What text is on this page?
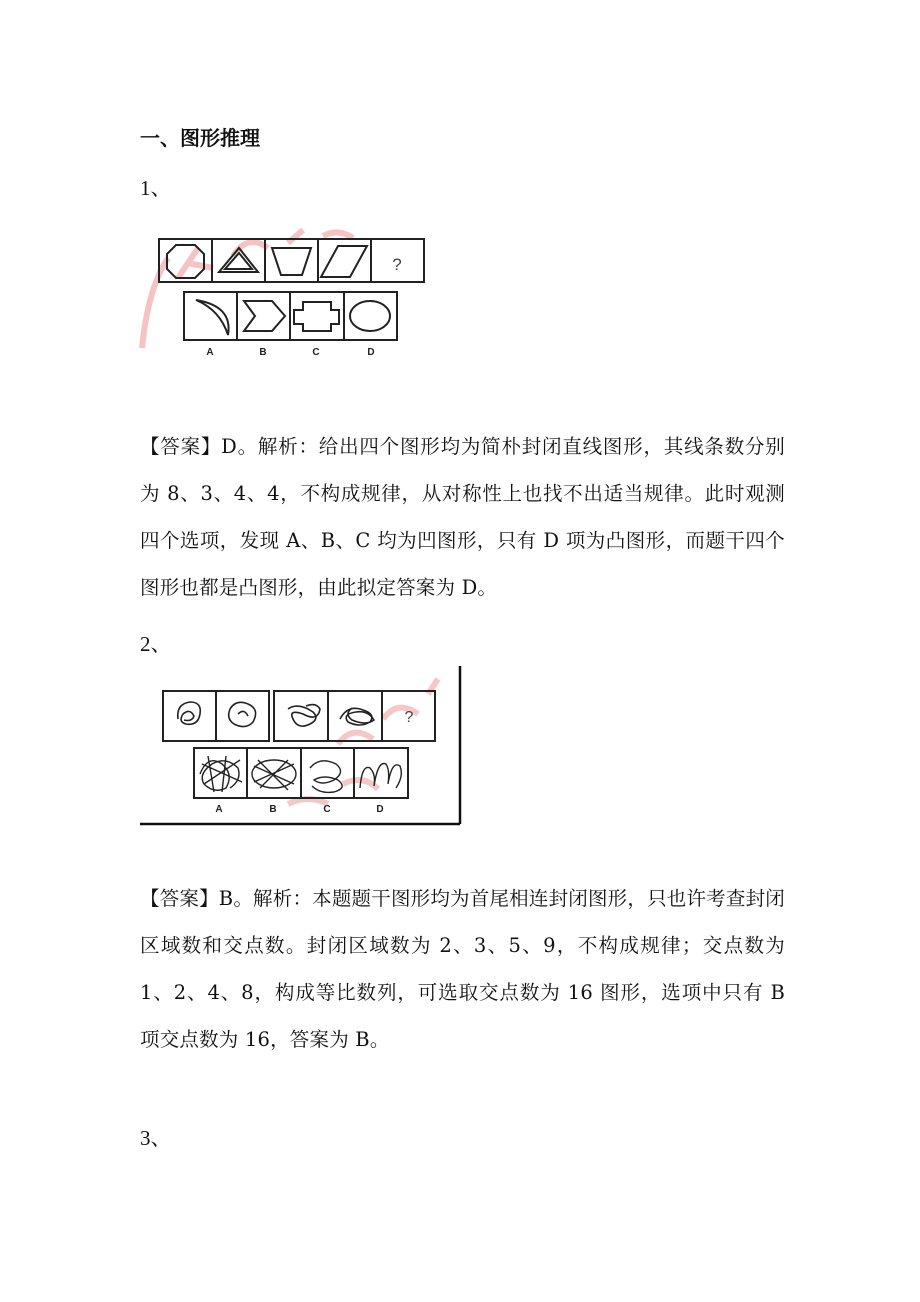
一、图形推理
1、
?
A	B	C	D
【答案】D。解析：给出四个图形均为简朴封闭直线图形，其线条数分别为 8、3、4、4，不构成规律，从对称性上也找不出适当规律。此时观测四个选项，发现 A、B、C 均为凹图形，只有 D 项为凸图形，而题干四个图形也都是凸图形，由此拟定答案为 D。
2、
?
A	B	C	D
【答案】B。解析：本题题干图形均为首尾相连封闭图形，只也许考查封闭区域数和交点数。封闭区域数为 2、3、5、9，不构成规律；交点数为 1、2、4、8，构成等比数列，可选取交点数为 16 图形，选项中只有 B 项交点数为 16，答案为 B。
3、
